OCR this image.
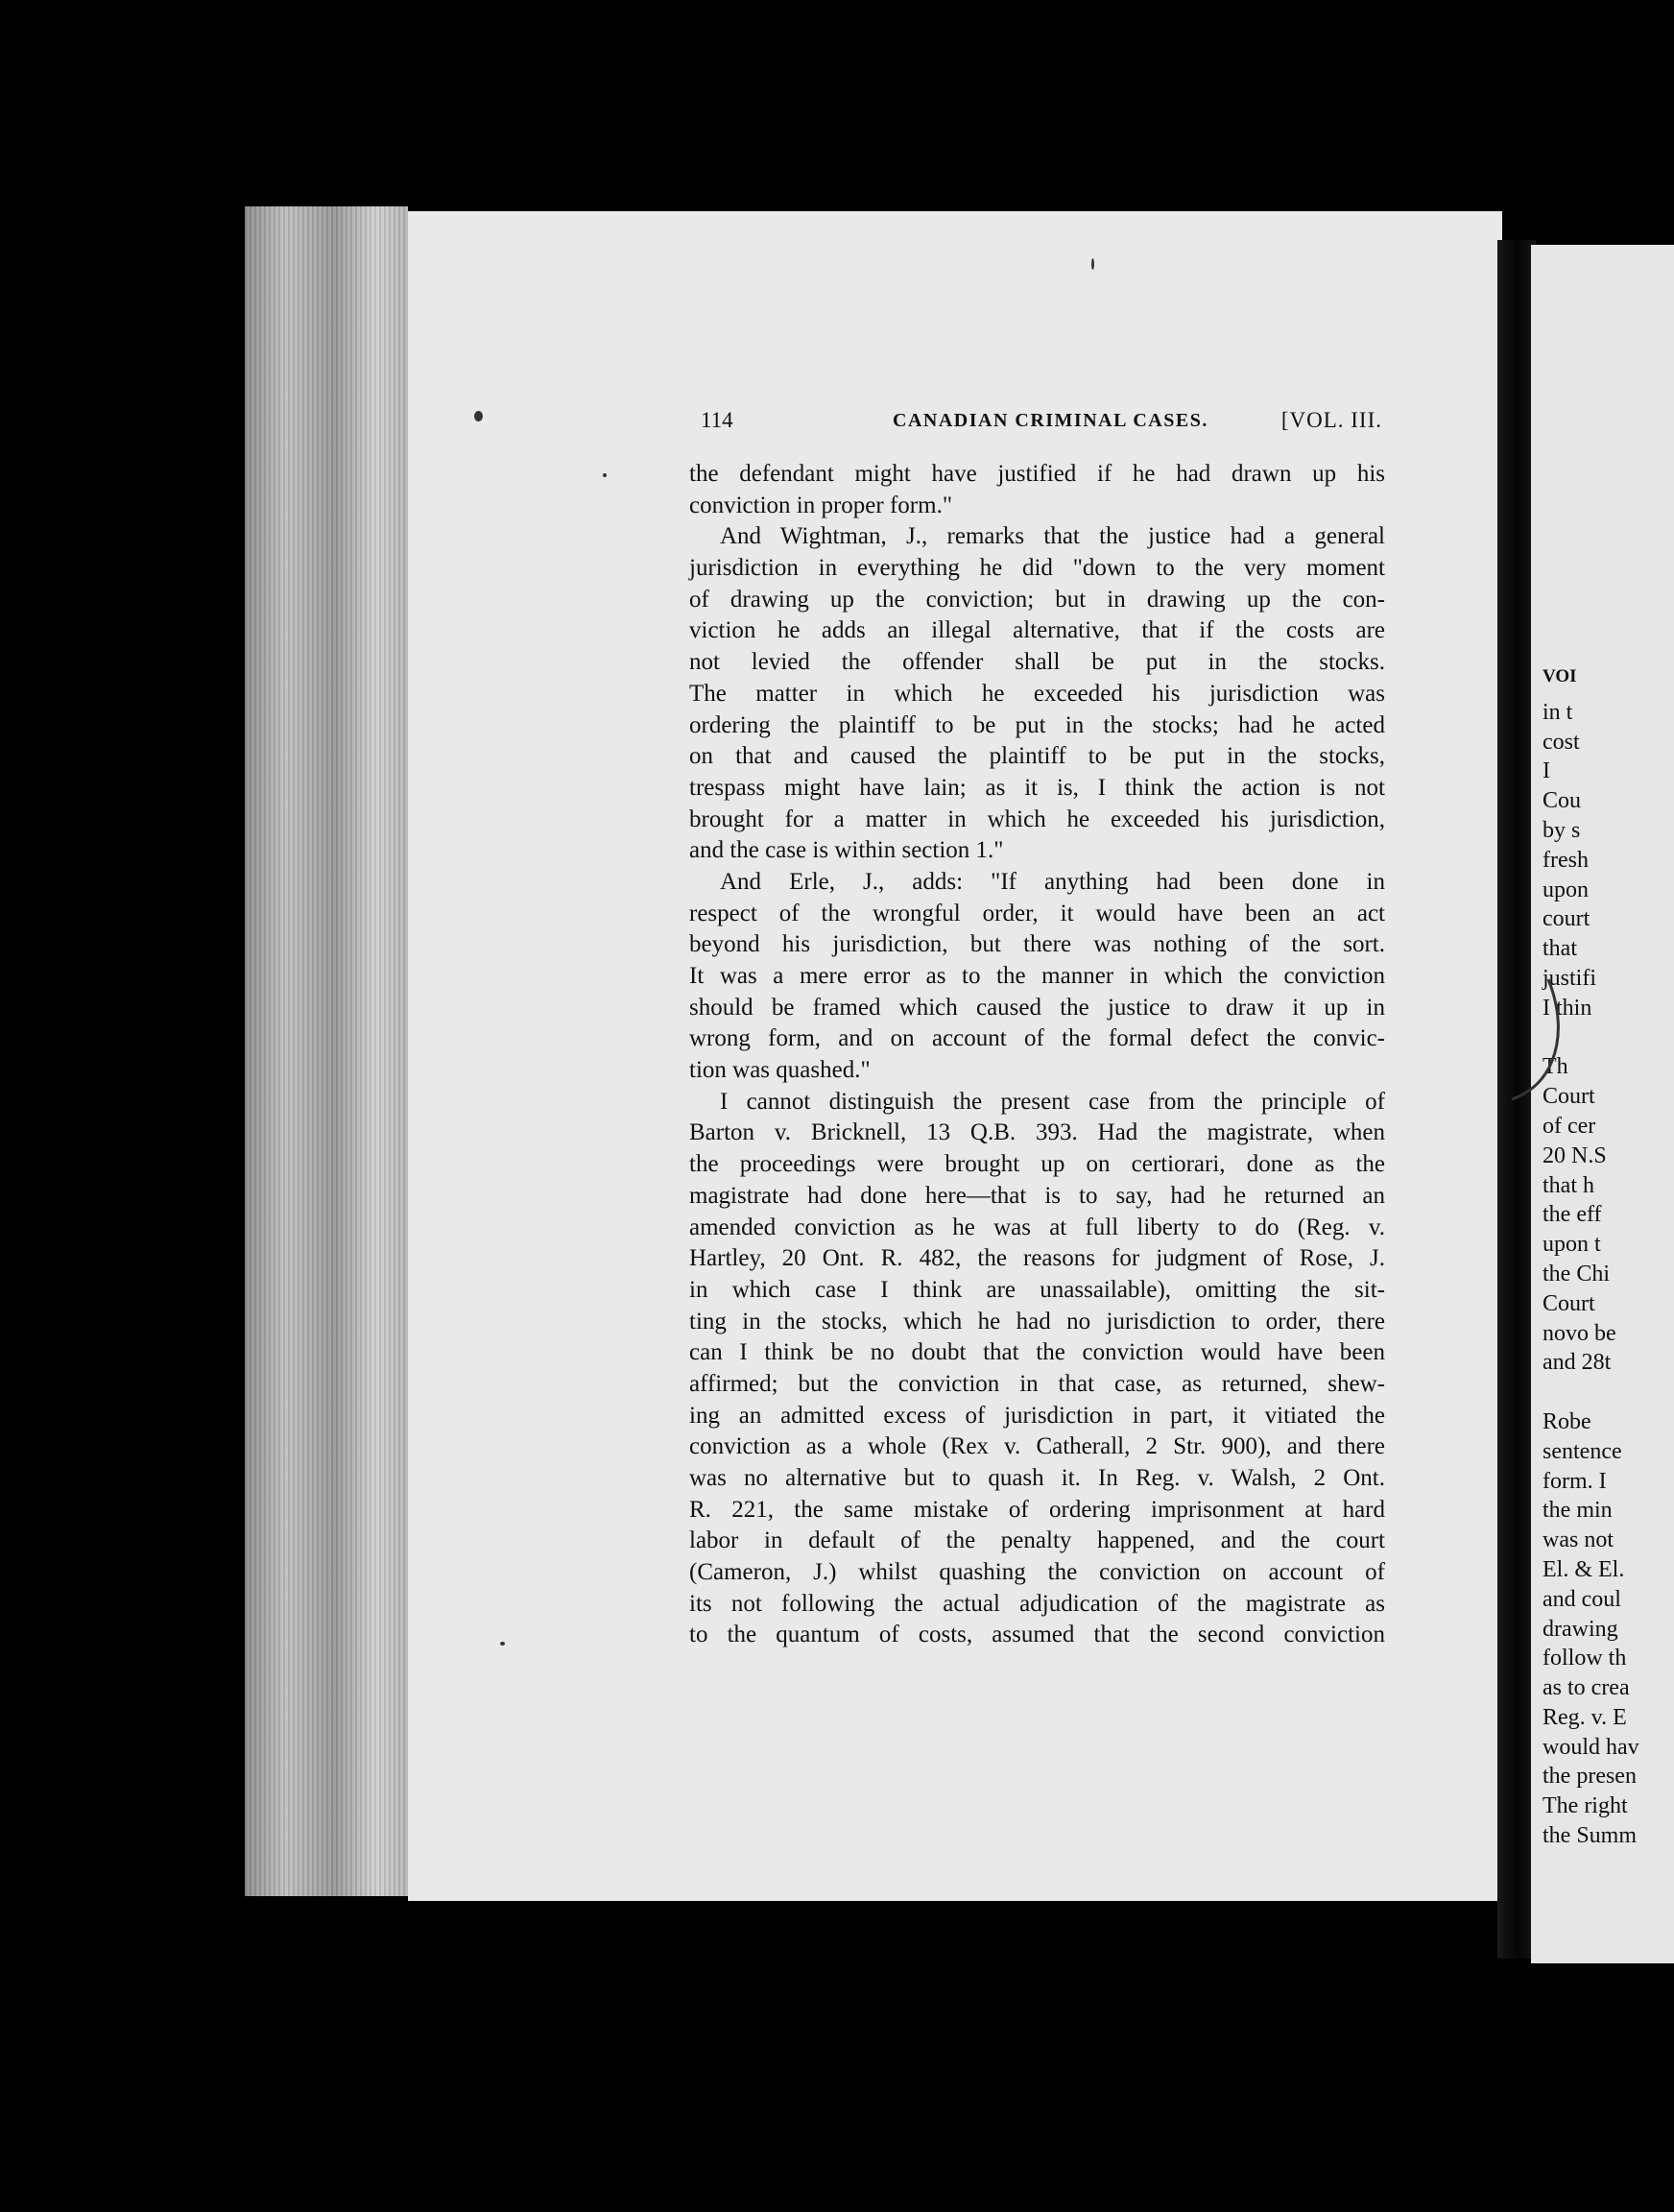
VOI
in t
cost
I
Cou
by s
fresh
upon
court
that
justifi
I thin
Th
Court
of cer
20 N.S
that h
the eff
upon t
the Chi
Court
novo be
and 28t
Robe
sentence
form. I
the min
was not
El. & El.
and coul
drawing
follow th
as to crea
Reg. v. E
would hav
the presen
The right
the Summ
114	CANADIAN CRIMINAL CASES.	[VOL. III.
the defendant might have justified if he had drawn up his
conviction in proper form."
And Wightman, J., remarks that the justice had a general
jurisdiction in everything he did "down to the very moment
of drawing up the conviction; but in drawing up the con-
viction he adds an illegal alternative, that if the costs are
not levied the offender shall be put in the stocks.
The matter in which he exceeded his jurisdiction was
ordering the plaintiff to be put in the stocks; had he acted
on that and caused the plaintiff to be put in the stocks,
trespass might have lain; as it is, I think the action is not
brought for a matter in which he exceeded his jurisdiction,
and the case is within section 1."
And Erle, J., adds: "If anything had been done in
respect of the wrongful order, it would have been an act
beyond his jurisdiction, but there was nothing of the sort.
It was a mere error as to the manner in which the conviction
should be framed which caused the justice to draw it up in
wrong form, and on account of the formal defect the convic-
tion was quashed."
I cannot distinguish the present case from the principle of
Barton v. Bricknell, 13 Q.B. 393. Had the magistrate, when
the proceedings were brought up on certiorari, done as the
magistrate had done here—that is to say, had he returned an
amended conviction as he was at full liberty to do (Reg. v.
Hartley, 20 Ont. R. 482, the reasons for judgment of Rose, J.
in which case I think are unassailable), omitting the sit-
ting in the stocks, which he had no jurisdiction to order, there
can I think be no doubt that the conviction would have been
affirmed; but the conviction in that case, as returned, shew-
ing an admitted excess of jurisdiction in part, it vitiated the
conviction as a whole (Rex v. Catherall, 2 Str. 900), and there
was no alternative but to quash it. In Reg. v. Walsh, 2 Ont.
R. 221, the same mistake of ordering imprisonment at hard
labor in default of the penalty happened, and the court
(Cameron, J.) whilst quashing the conviction on account of
its not following the actual adjudication of the magistrate as
to the quantum of costs, assumed that the second conviction
